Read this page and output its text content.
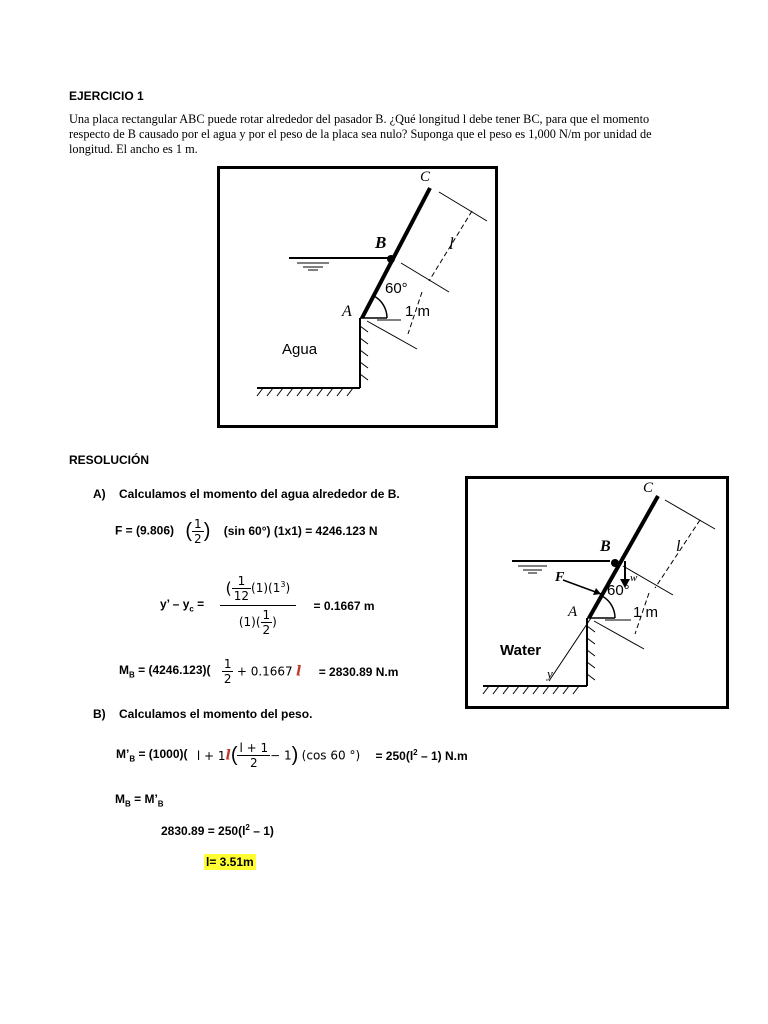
EJERCICIO 1
Una placa rectangular ABC puede rotar alrededor del pasador B. ¿Qué longitud l debe tener BC, para que el momento
respecto de B causado por el agua y por el peso de la placa sea nulo? Suponga que el peso es 1,000 N/m por unidad de
longitud. El ancho es 1 m.
C
B
A
l
60°
1 m
Agua
RESOLUCIÓN
A) Calculamos el momento del agua alrededor de B.
F = (9.806) ( $\frac{1}{2}$ ) (sin 60°) (1x1) = 4246.123 N
y’ – $y_c = \frac{( \frac{1}{12} (1)(1^3)}{(1)( \frac{1}{2} )} = 0.1667$ m
$M_B = (4246.123)( \frac{1}{2} + 0.1667$ l = 2830.89 N.m
B) Calculamos el momento del peso.
$M’_B = (1000)$( $l + 1l( \frac{l + 1}{2} - 1)$ (cos 60 °) = $250(l^2 - 1)$ N.m
$M_B$ = $M’_B$
$2830.89 = 250(l^2 - 1)$
l= 3.51m
C
B
A
F	w
l
y
60°
1 m
Water
